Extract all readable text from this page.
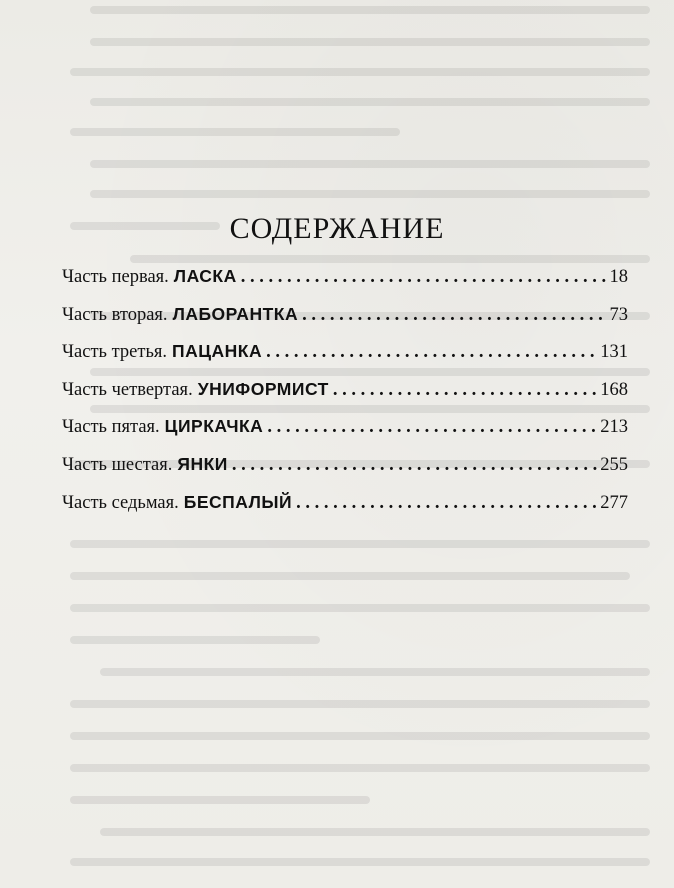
СОДЕРЖАНИЕ
Часть первая. ЛАСКА . . .	18
Часть вторая. ЛАБОРАНТКА . . .	73
Часть третья. ПАЦАНКА . . .	131
Часть четвертая. УНИФОРМИСТ . . .	168
Часть пятая. ЦИРКАЧКА . . .	213
Часть шестая. ЯНКИ . . .	255
Часть седьмая. БЕСПАЛЫЙ . . .	277
